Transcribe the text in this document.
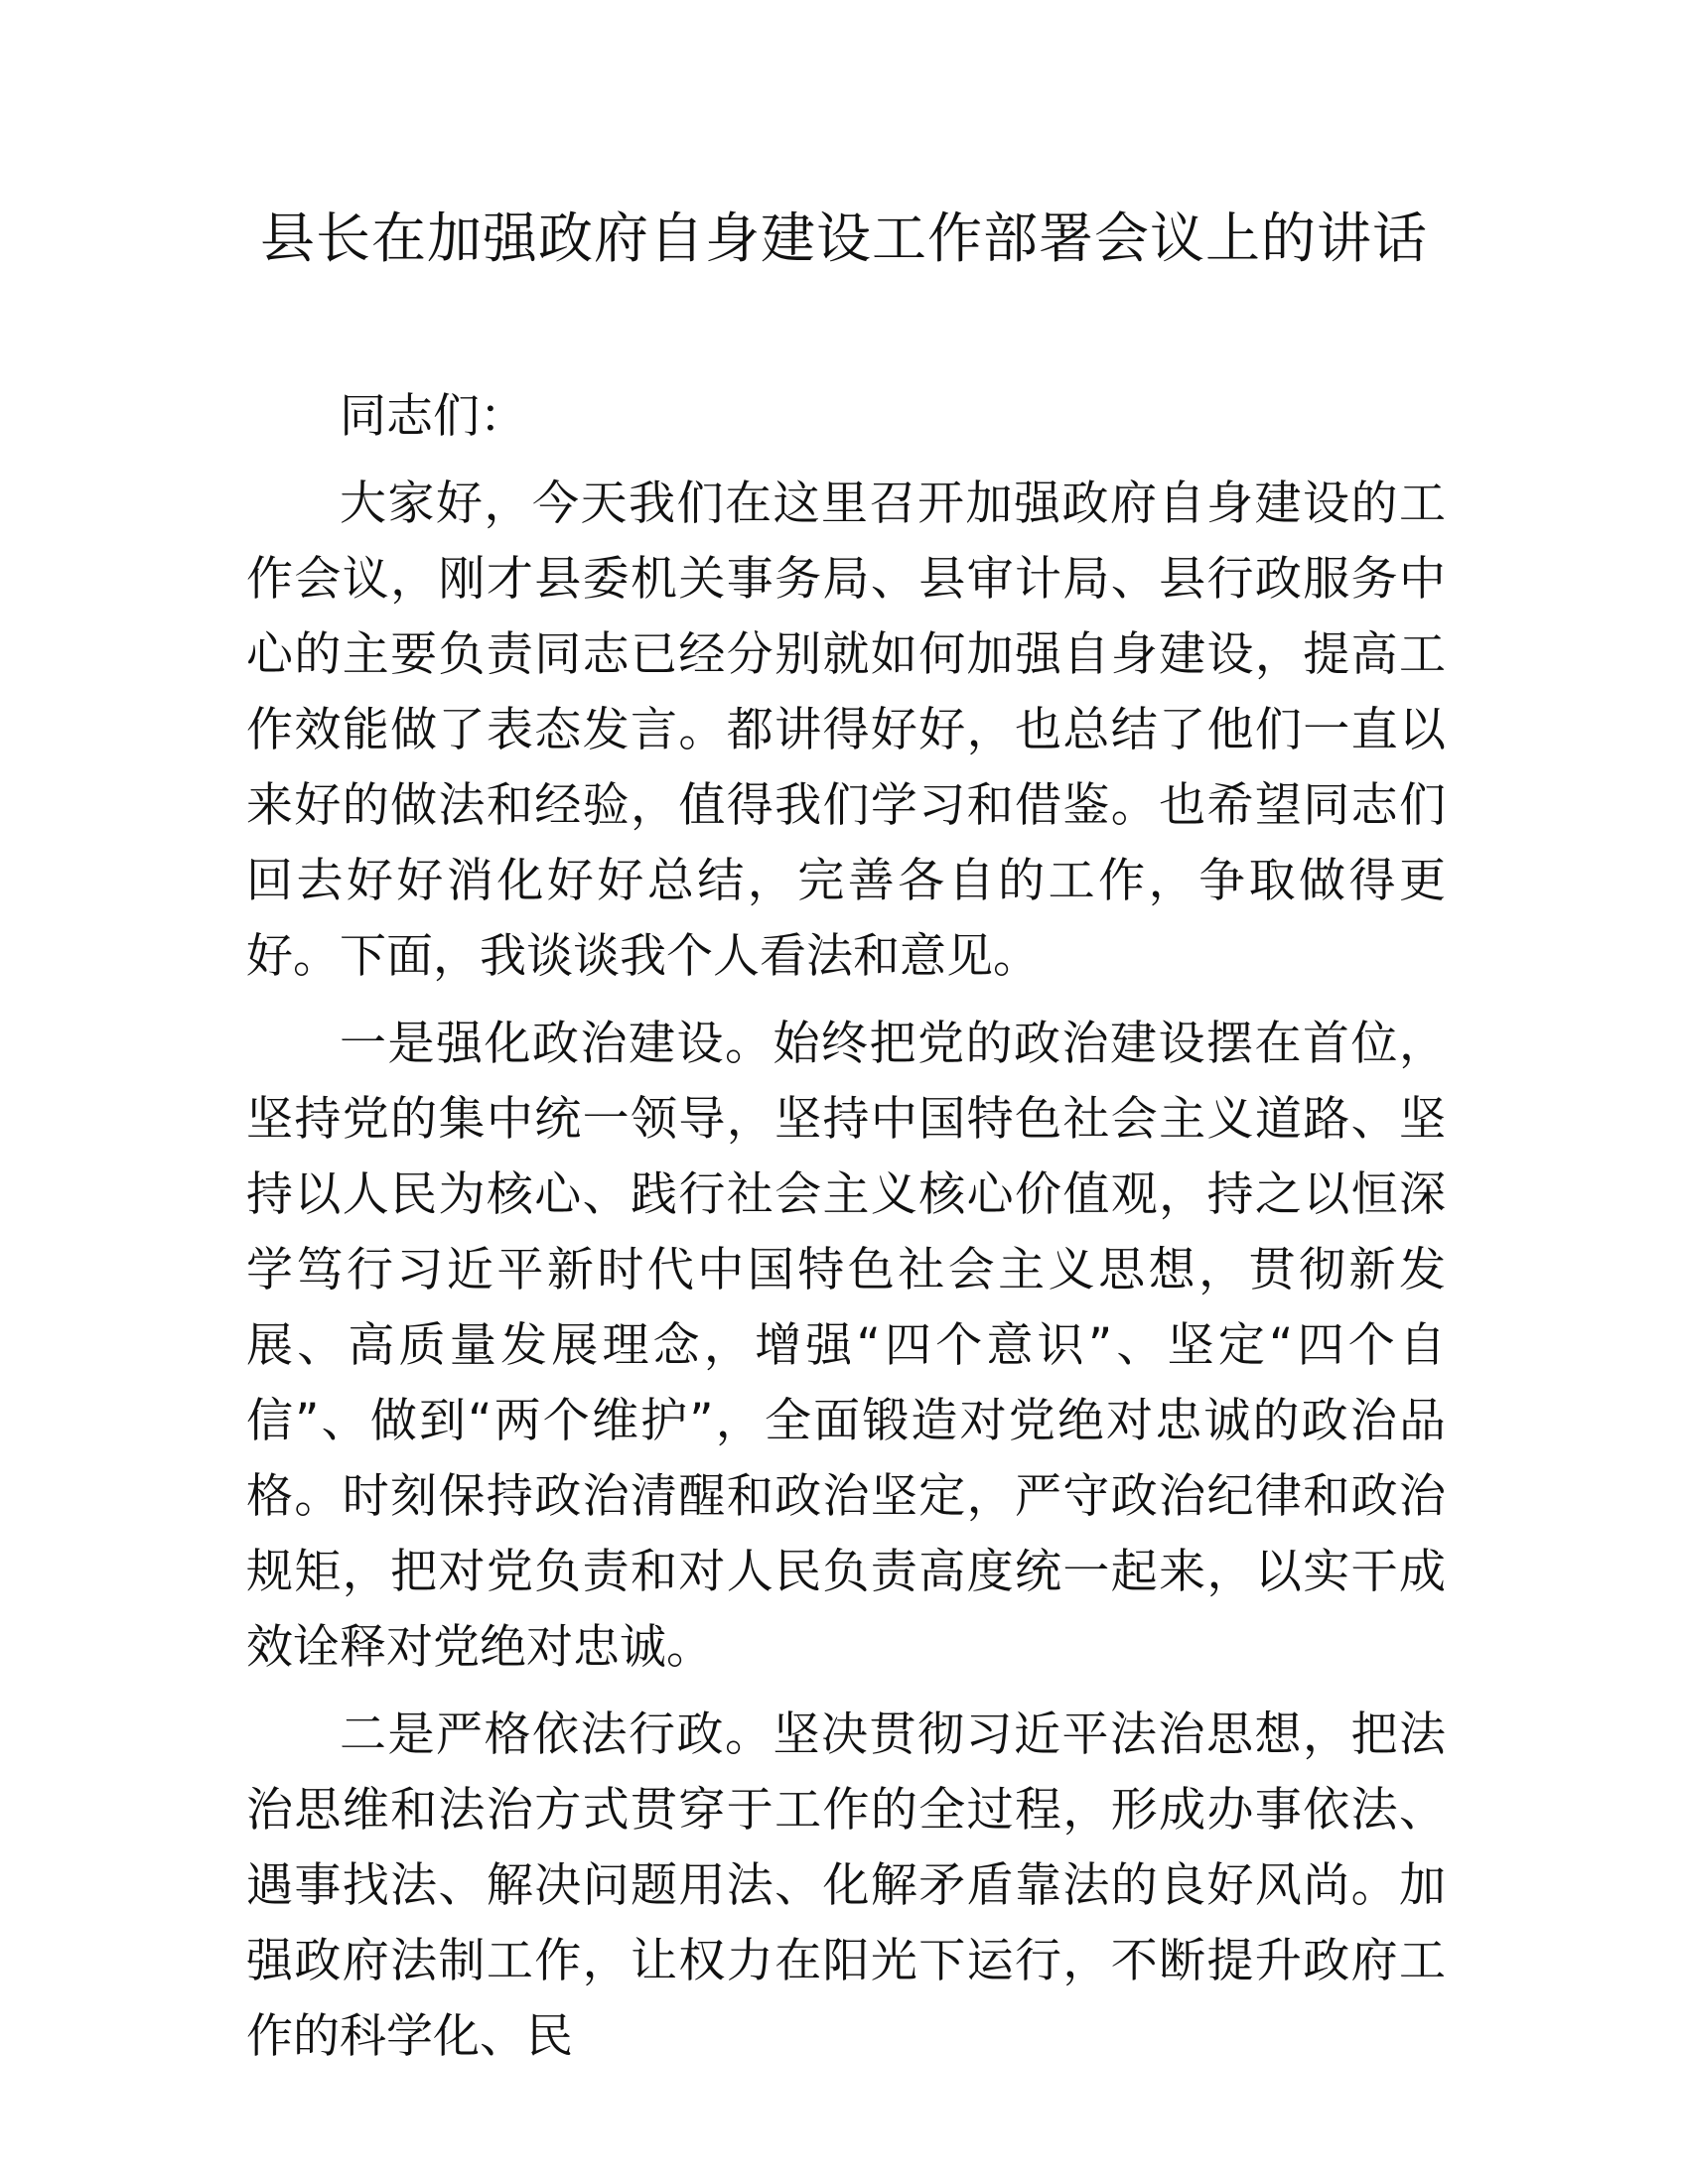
县长在加强政府自身建设工作部署会议上的讲话

同志们：

大家好，今天我们在这里召开加强政府自身建设的工作会议，刚才县委机关事务局、县审计局、县行政服务中心的主要负责同志已经分别就如何加强自身建设，提高工作效能做了表态发言。都讲得好好，也总结了他们一直以来好的做法和经验，值得我们学习和借鉴。也希望同志们回去好好消化好好总结，完善各自的工作，争取做得更好。下面，我谈谈我个人看法和意见。

一是强化政治建设。始终把党的政治建设摆在首位，坚持党的集中统一领导，坚持中国特色社会主义道路、坚持以人民为核心、践行社会主义核心价值观，持之以恒深学笃行习近平新时代中国特色社会主义思想，贯彻新发展、高质量发展理念，增强“四个意识”、坚定“四个自信”、做到“两个维护”，全面锻造对党绝对忠诚的政治品格。时刻保持政治清醒和政治坚定，严守政治纪律和政治规矩，把对党负责和对人民负责高度统一起来，以实干成效诠释对党绝对忠诚。

二是严格依法行政。坚决贯彻习近平法治思想，把法治思维和法治方式贯穿于工作的全过程，形成办事依法、遇事找法、解决问题用法、化解矛盾靠法的良好风尚。加强政府法制工作，让权力在阳光下运行，不断提升政府工作的科学化、民
